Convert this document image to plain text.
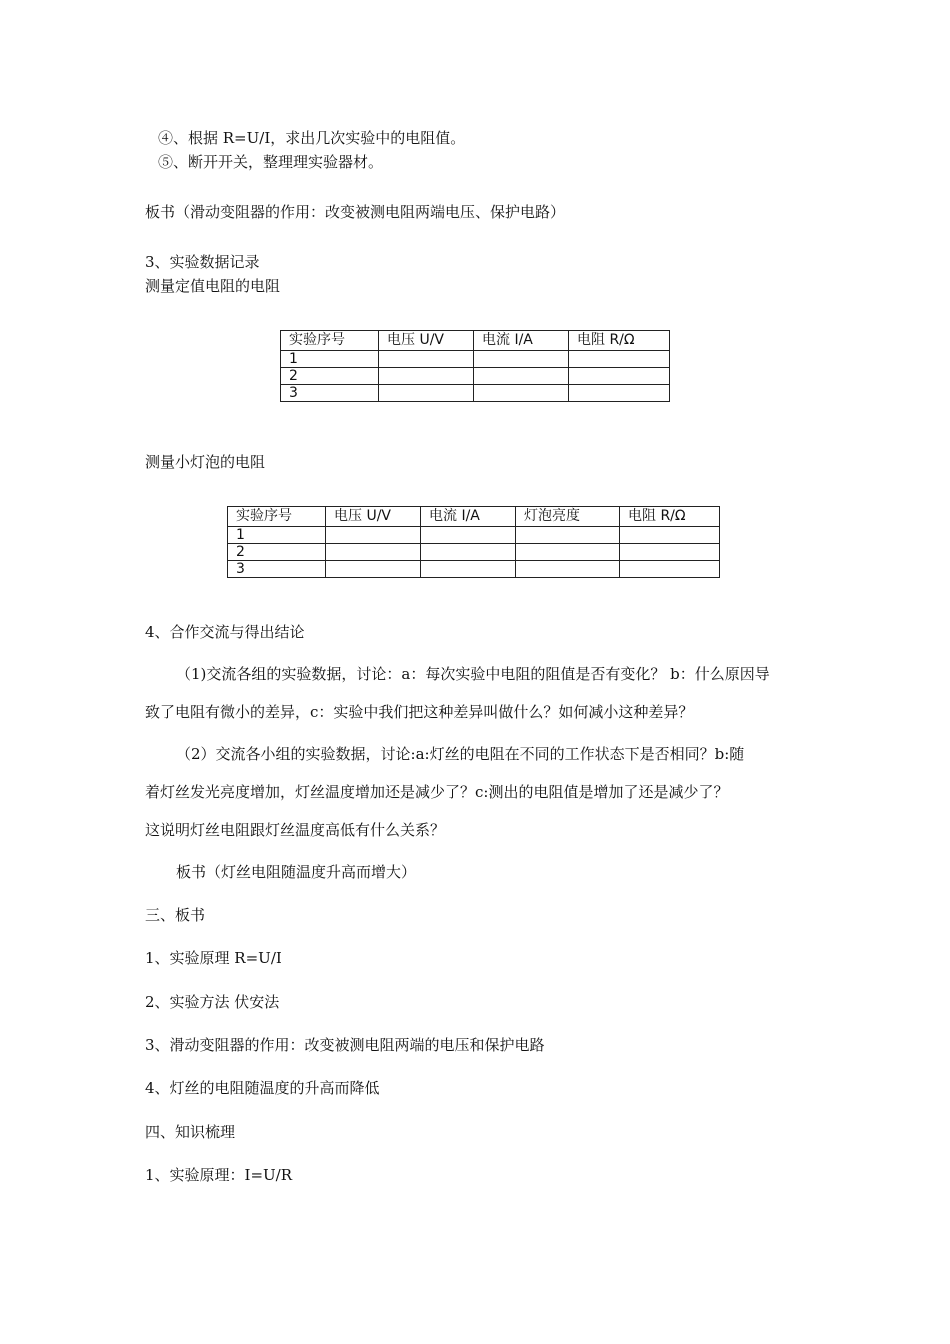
④、根据 R=U/I，求出几次实验中的电阻值。
⑤、断开开关，整理理实验器材。
板书（滑动变阻器的作用：改变被测电阻两端电压、保护电路）
3、实验数据记录
测量定值电阻的电阻
实验序号	电压 U/V	电流 I/A	电阻 R/Ω
1			
2			
3			
测量小灯泡的电阻
实验序号	电压 U/V	电流 I/A	灯泡亮度	电阻 R/Ω
1				
2				
3				
4、合作交流与得出结论
（1)交流各组的实验数据，讨论：a：每次实验中电阻的阻值是否有变化？ b：什么原因导
致了电阻有微小的差异，c：实验中我们把这种差异叫做什么？如何减小这种差异？
（2）交流各小组的实验数据，讨论:a:灯丝的电阻在不同的工作状态下是否相同？b:随
着灯丝发光亮度增加，灯丝温度增加还是减少了？c:测出的电阻值是增加了还是减少了？
这说明灯丝电阻跟灯丝温度高低有什么关系？
板书（灯丝电阻随温度升高而增大）
三、板书
1、实验原理 R=U/I
2、实验方法 伏安法
3、滑动变阻器的作用：改变被测电阻两端的电压和保护电路
4、灯丝的电阻随温度的升高而降低
四、知识梳理
1、实验原理：I=U/R
